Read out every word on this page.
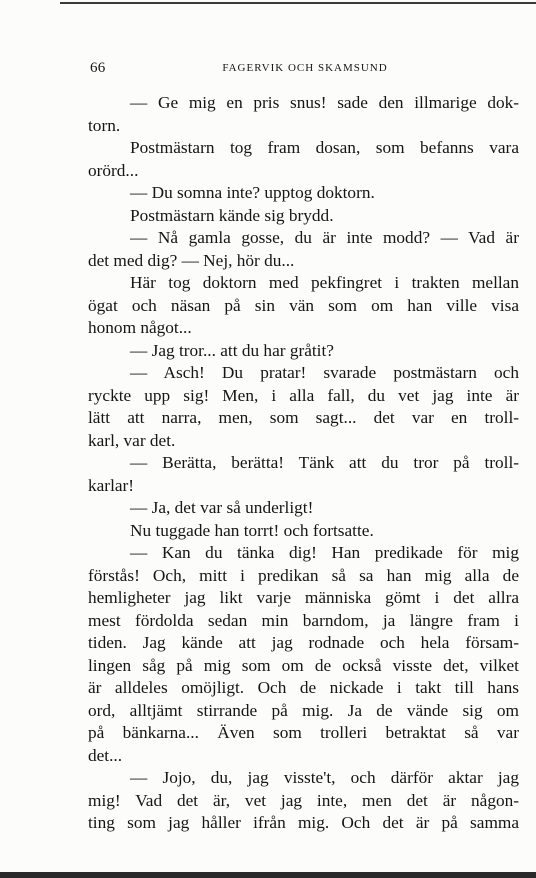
66	FAGERVIK OCH SKAMSUND
— Ge mig en pris snus! sade den illmarige dok-
torn.
Postmästarn tog fram dosan, som befanns vara
orörd...
— Du somna inte? upptog doktorn.
Postmästarn kände sig brydd.
— Nå gamla gosse, du är inte modd? — Vad är
det med dig? — Nej, hör du...
Här tog doktorn med pekfingret i trakten mellan
ögat och näsan på sin vän som om han ville visa
honom något...
— Jag tror... att du har gråtit?
— Asch! Du pratar! svarade postmästarn och
ryckte upp sig! Men, i alla fall, du vet jag inte är
lätt att narra, men, som sagt... det var en troll-
karl, var det.
— Berätta, berätta! Tänk att du tror på troll-
karlar!
— Ja, det var så underligt!
Nu tuggade han torrt! och fortsatte.
— Kan du tänka dig! Han predikade för mig
förstås! Och, mitt i predikan så sa han mig alla de
hemligheter jag likt varje människa gömt i det allra
mest fördolda sedan min barndom, ja längre fram i
tiden. Jag kände att jag rodnade och hela försam-
lingen såg på mig som om de också visste det, vilket
är alldeles omöjligt. Och de nickade i takt till hans
ord, alltjämt stirrande på mig. Ja de vände sig om
på bänkarna... Även som trolleri betraktat så var
det...
— Jojo, du, jag visste't, och därför aktar jag
mig! Vad det är, vet jag inte, men det är någon-
ting som jag håller ifrån mig. Och det är på samma
